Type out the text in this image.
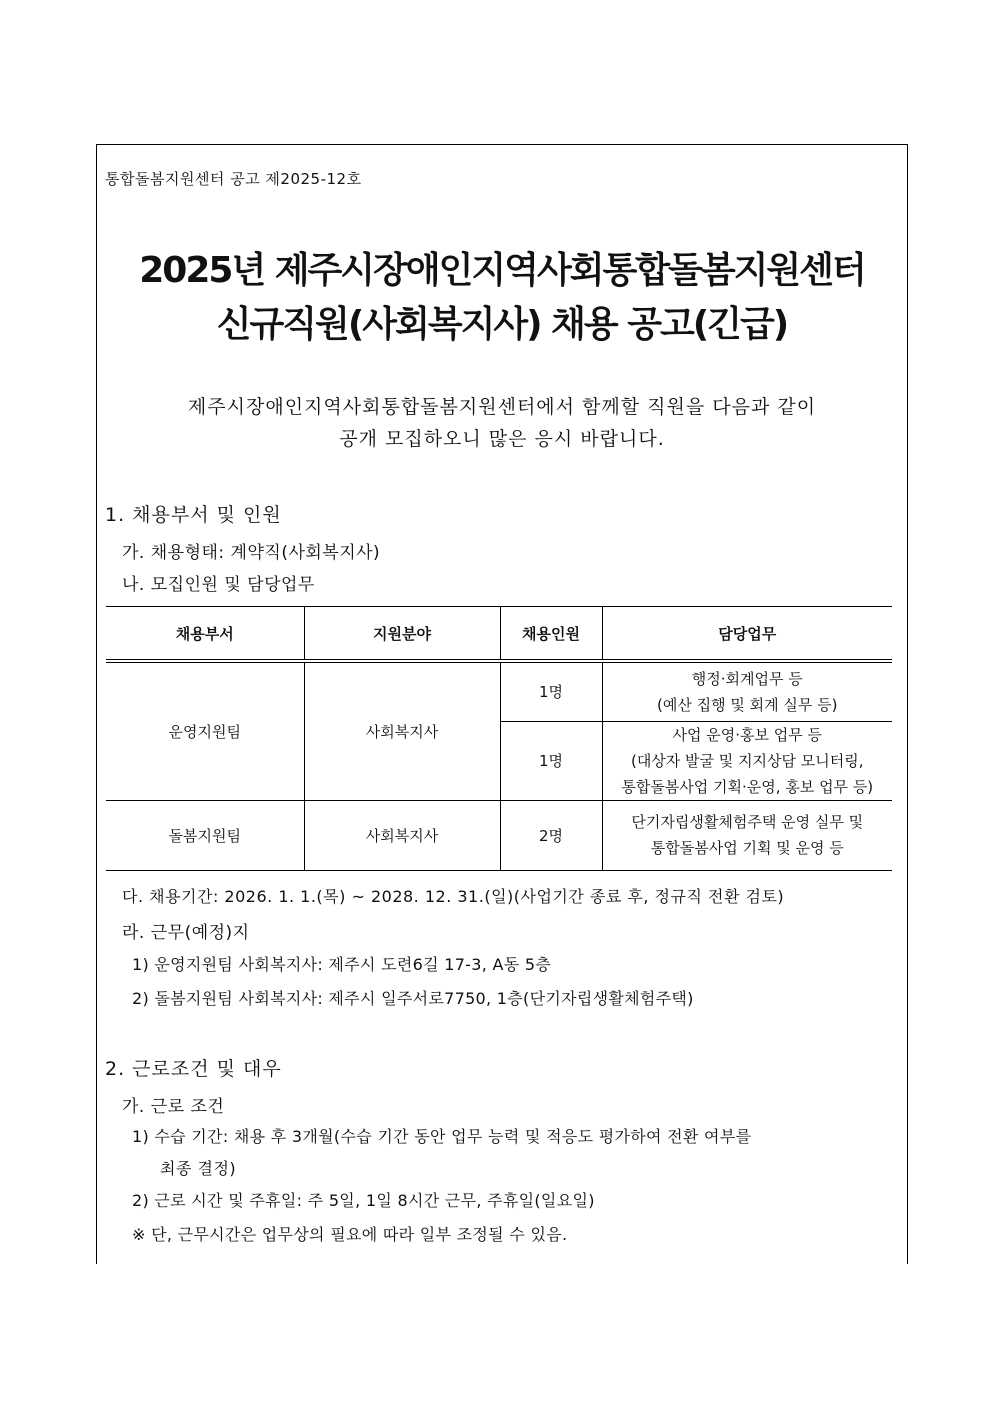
통합돌봄지원센터 공고 제2025-12호
2025년 제주시장애인지역사회통합돌봄지원센터
신규직원(사회복지사) 채용 공고(긴급)
제주시장애인지역사회통합돌봄지원센터에서 함께할 직원을 다음과 같이
공개 모집하오니 많은 응시 바랍니다.
1. 채용부서 및 인원
가. 채용형태: 계약직(사회복지사)
나. 모집인원 및 담당업무
채용부서	지원분야	채용인원	담당업무
운영지원팀	사회복지사	1명	행정·회계업무 등
(예산 집행 및 회계 실무 등)

		1명	사업 운영·홍보 업무 등
(대상자 발굴 및 지지상담 모니터링,
통합돌봄사업 기획·운영, 홍보 업무 등)

돌봄지원팀	사회복지사	2명	단기자립생활체험주택 운영 실무 및
통합돌봄사업 기획 및 운영 등
다. 채용기간: 2026. 1. 1.(목) ~ 2028. 12. 31.(일)(사업기간 종료 후, 정규직 전환 검토)
라. 근무(예정)지
1) 운영지원팀 사회복지사: 제주시 도련6길 17-3, A동 5층
2) 돌봄지원팀 사회복지사: 제주시 일주서로7750, 1층(단기자립생활체험주택)
2. 근로조건 및 대우
가. 근로 조건
1) 수습 기간: 채용 후 3개월(수습 기간 동안 업무 능력 및 적응도 평가하여 전환 여부를
최종 결정)
2) 근로 시간 및 주휴일: 주 5일, 1일 8시간 근무, 주휴일(일요일)
※ 단, 근무시간은 업무상의 필요에 따라 일부 조정될 수 있음.
